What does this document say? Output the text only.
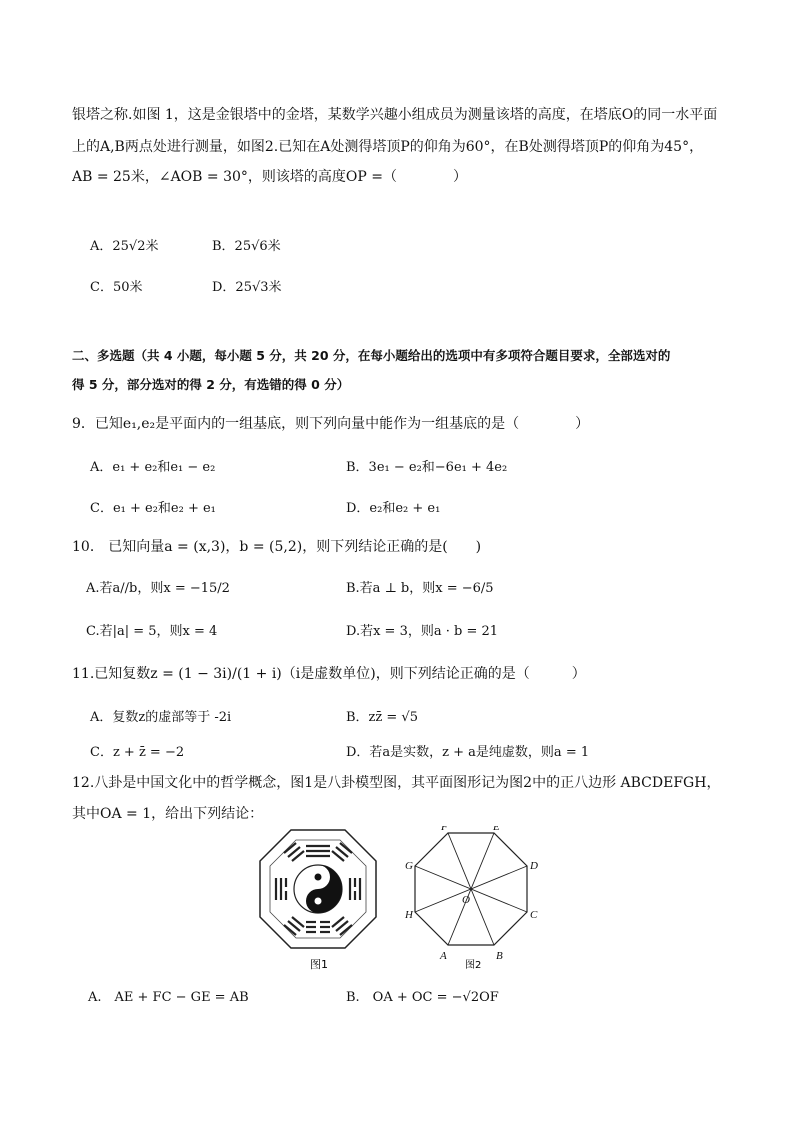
银塔之称.如图 1，这是金银塔中的金塔，某数学兴趣小组成员为测量该塔的高度，在塔底O的同一水平面
上的A,B两点处进行测量，如图2.已知在A处测得塔顶P的仰角为60°，在B处测得塔顶P的仰角为45°，
AB = 25米，∠AOB = 30°，则该塔的高度OP =（　　　　）
A．25√2米	B．25√6米
C．50米	D．25√3米
二、多选题（共 4 小题，每小题 5 分，共 20 分，在每小题给出的选项中有多项符合题目要求，全部选对的
得 5 分，部分选对的得 2 分，有选错的得 0 分）
9．已知e₁,e₂是平面内的一组基底，则下列向量中能作为一组基底的是（　　　　）
A．e₁ + e₂和e₁ − e₂	B．3e₁ − e₂和−6e₁ + 4e₂
C．e₁ + e₂和e₂ + e₁	D．e₂和e₂ + e₁
10． 已知向量a = (x,3)，b = (5,2)，则下列结论正确的是(　　)
A.若a//b，则x = −15/2	B.若a ⊥ b，则x = −6/5
C.若|a| = 5，则x = 4	D.若x = 3，则a · b = 21
11.已知复数z = (1 − 3i)/(1 + i)（i是虚数单位)，则下列结论正确的是（　　　）
A．复数z的虚部等于 -2i	B．zz̄ = √5
C．z + z̄ = −2	D．若a是实数，z + a是纯虚数，则a = 1
12.八卦是中国文化中的哲学概念，图1是八卦模型图，其平面图形记为图2中的正八边形 ABCDEFGH，
其中OA = 1，给出下列结论：
图1
A	B
C
D
E
F
G
H
O
图2
A.　AE + FC − GE = AB	B.　OA + OC = −√2OF
